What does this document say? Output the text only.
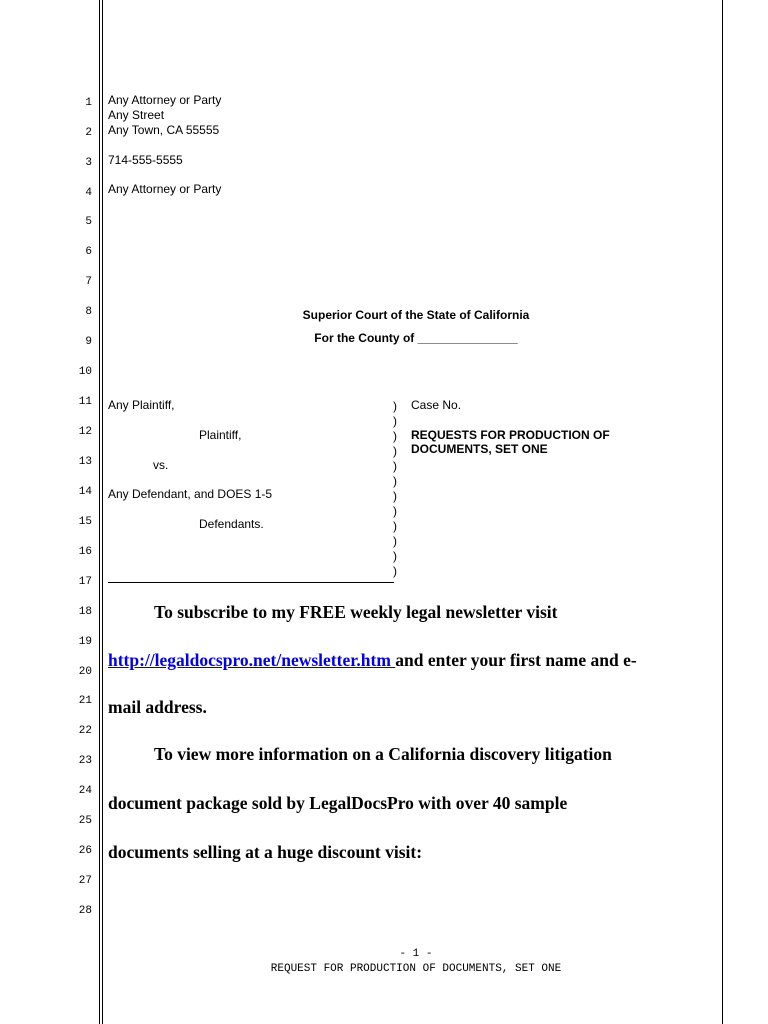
1
2
3
4
5
6
7
8
9
10
11
12
13
14
15
16
17
18
19
20
21
22
23
24
25
26
27
28
Any Attorney or Party
Any Street
Any Town, CA 55555
714-555-5555
Any Attorney or Party
Superior Court of the State of California
For the County of _______________
Any Plaintiff,
Plaintiff,
vs.
Any Defendant, and DOES 1-5
Defendants.
)
)
)
)
)
)
)
)
)
)
)
)
Case No.
REQUESTS FOR PRODUCTION OF
DOCUMENTS, SET ONE
To subscribe to my FREE weekly legal newsletter visit
http://legaldocspro.net/newsletter.htm and enter your first name and e-
mail address.
To view more information on a California discovery litigation
document package sold by LegalDocsPro with over 40 sample
documents selling at a huge discount visit:
- 1 -
REQUEST FOR PRODUCTION OF DOCUMENTS, SET ONE
